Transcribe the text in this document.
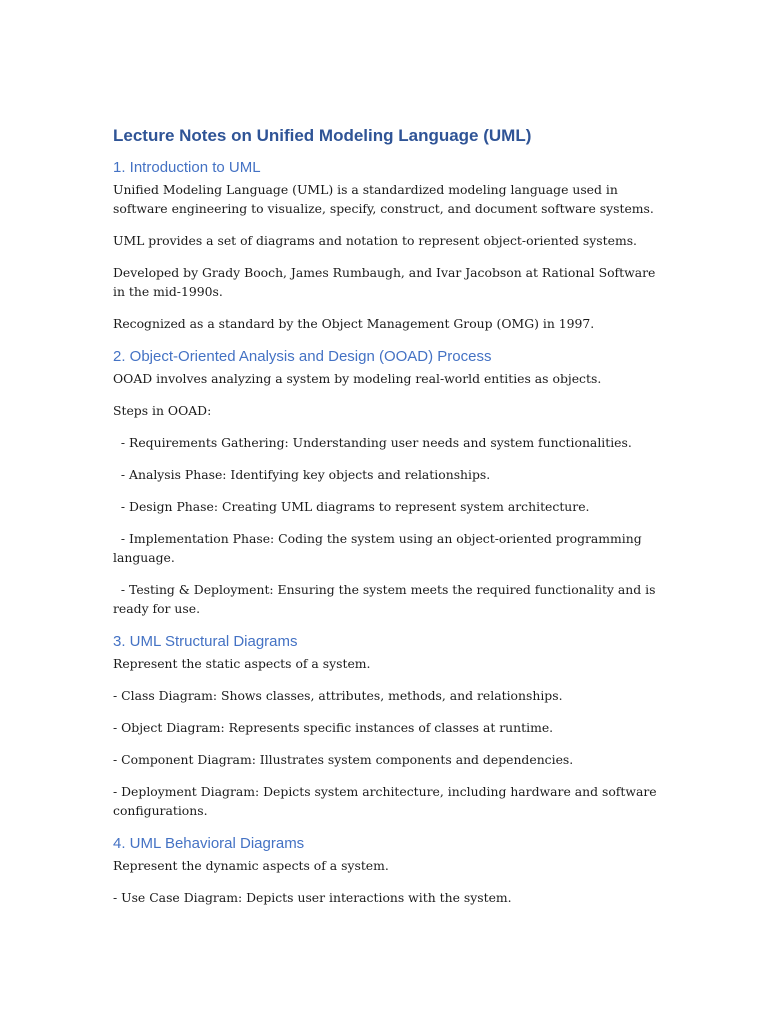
Lecture Notes on Unified Modeling Language (UML)
1. Introduction to UML

Unified Modeling Language (UML) is a standardized modeling language used in software engineering to visualize, specify, construct, and document software systems.

UML provides a set of diagrams and notation to represent object-oriented systems.

Developed by Grady Booch, James Rumbaugh, and Ivar Jacobson at Rational Software in the mid-1990s.

Recognized as a standard by the Object Management Group (OMG) in 1997.

2. Object-Oriented Analysis and Design (OOAD) Process

OOAD involves analyzing a system by modeling real-world entities as objects.

Steps in OOAD:

- Requirements Gathering: Understanding user needs and system functionalities.

- Analysis Phase: Identifying key objects and relationships.

- Design Phase: Creating UML diagrams to represent system architecture.

- Implementation Phase: Coding the system using an object-oriented programming language.

- Testing & Deployment: Ensuring the system meets the required functionality and is ready for use.

3. UML Structural Diagrams

Represent the static aspects of a system.

- Class Diagram: Shows classes, attributes, methods, and relationships.

- Object Diagram: Represents specific instances of classes at runtime.

- Component Diagram: Illustrates system components and dependencies.

- Deployment Diagram: Depicts system architecture, including hardware and software configurations.

4. UML Behavioral Diagrams

Represent the dynamic aspects of a system.

- Use Case Diagram: Depicts user interactions with the system.
